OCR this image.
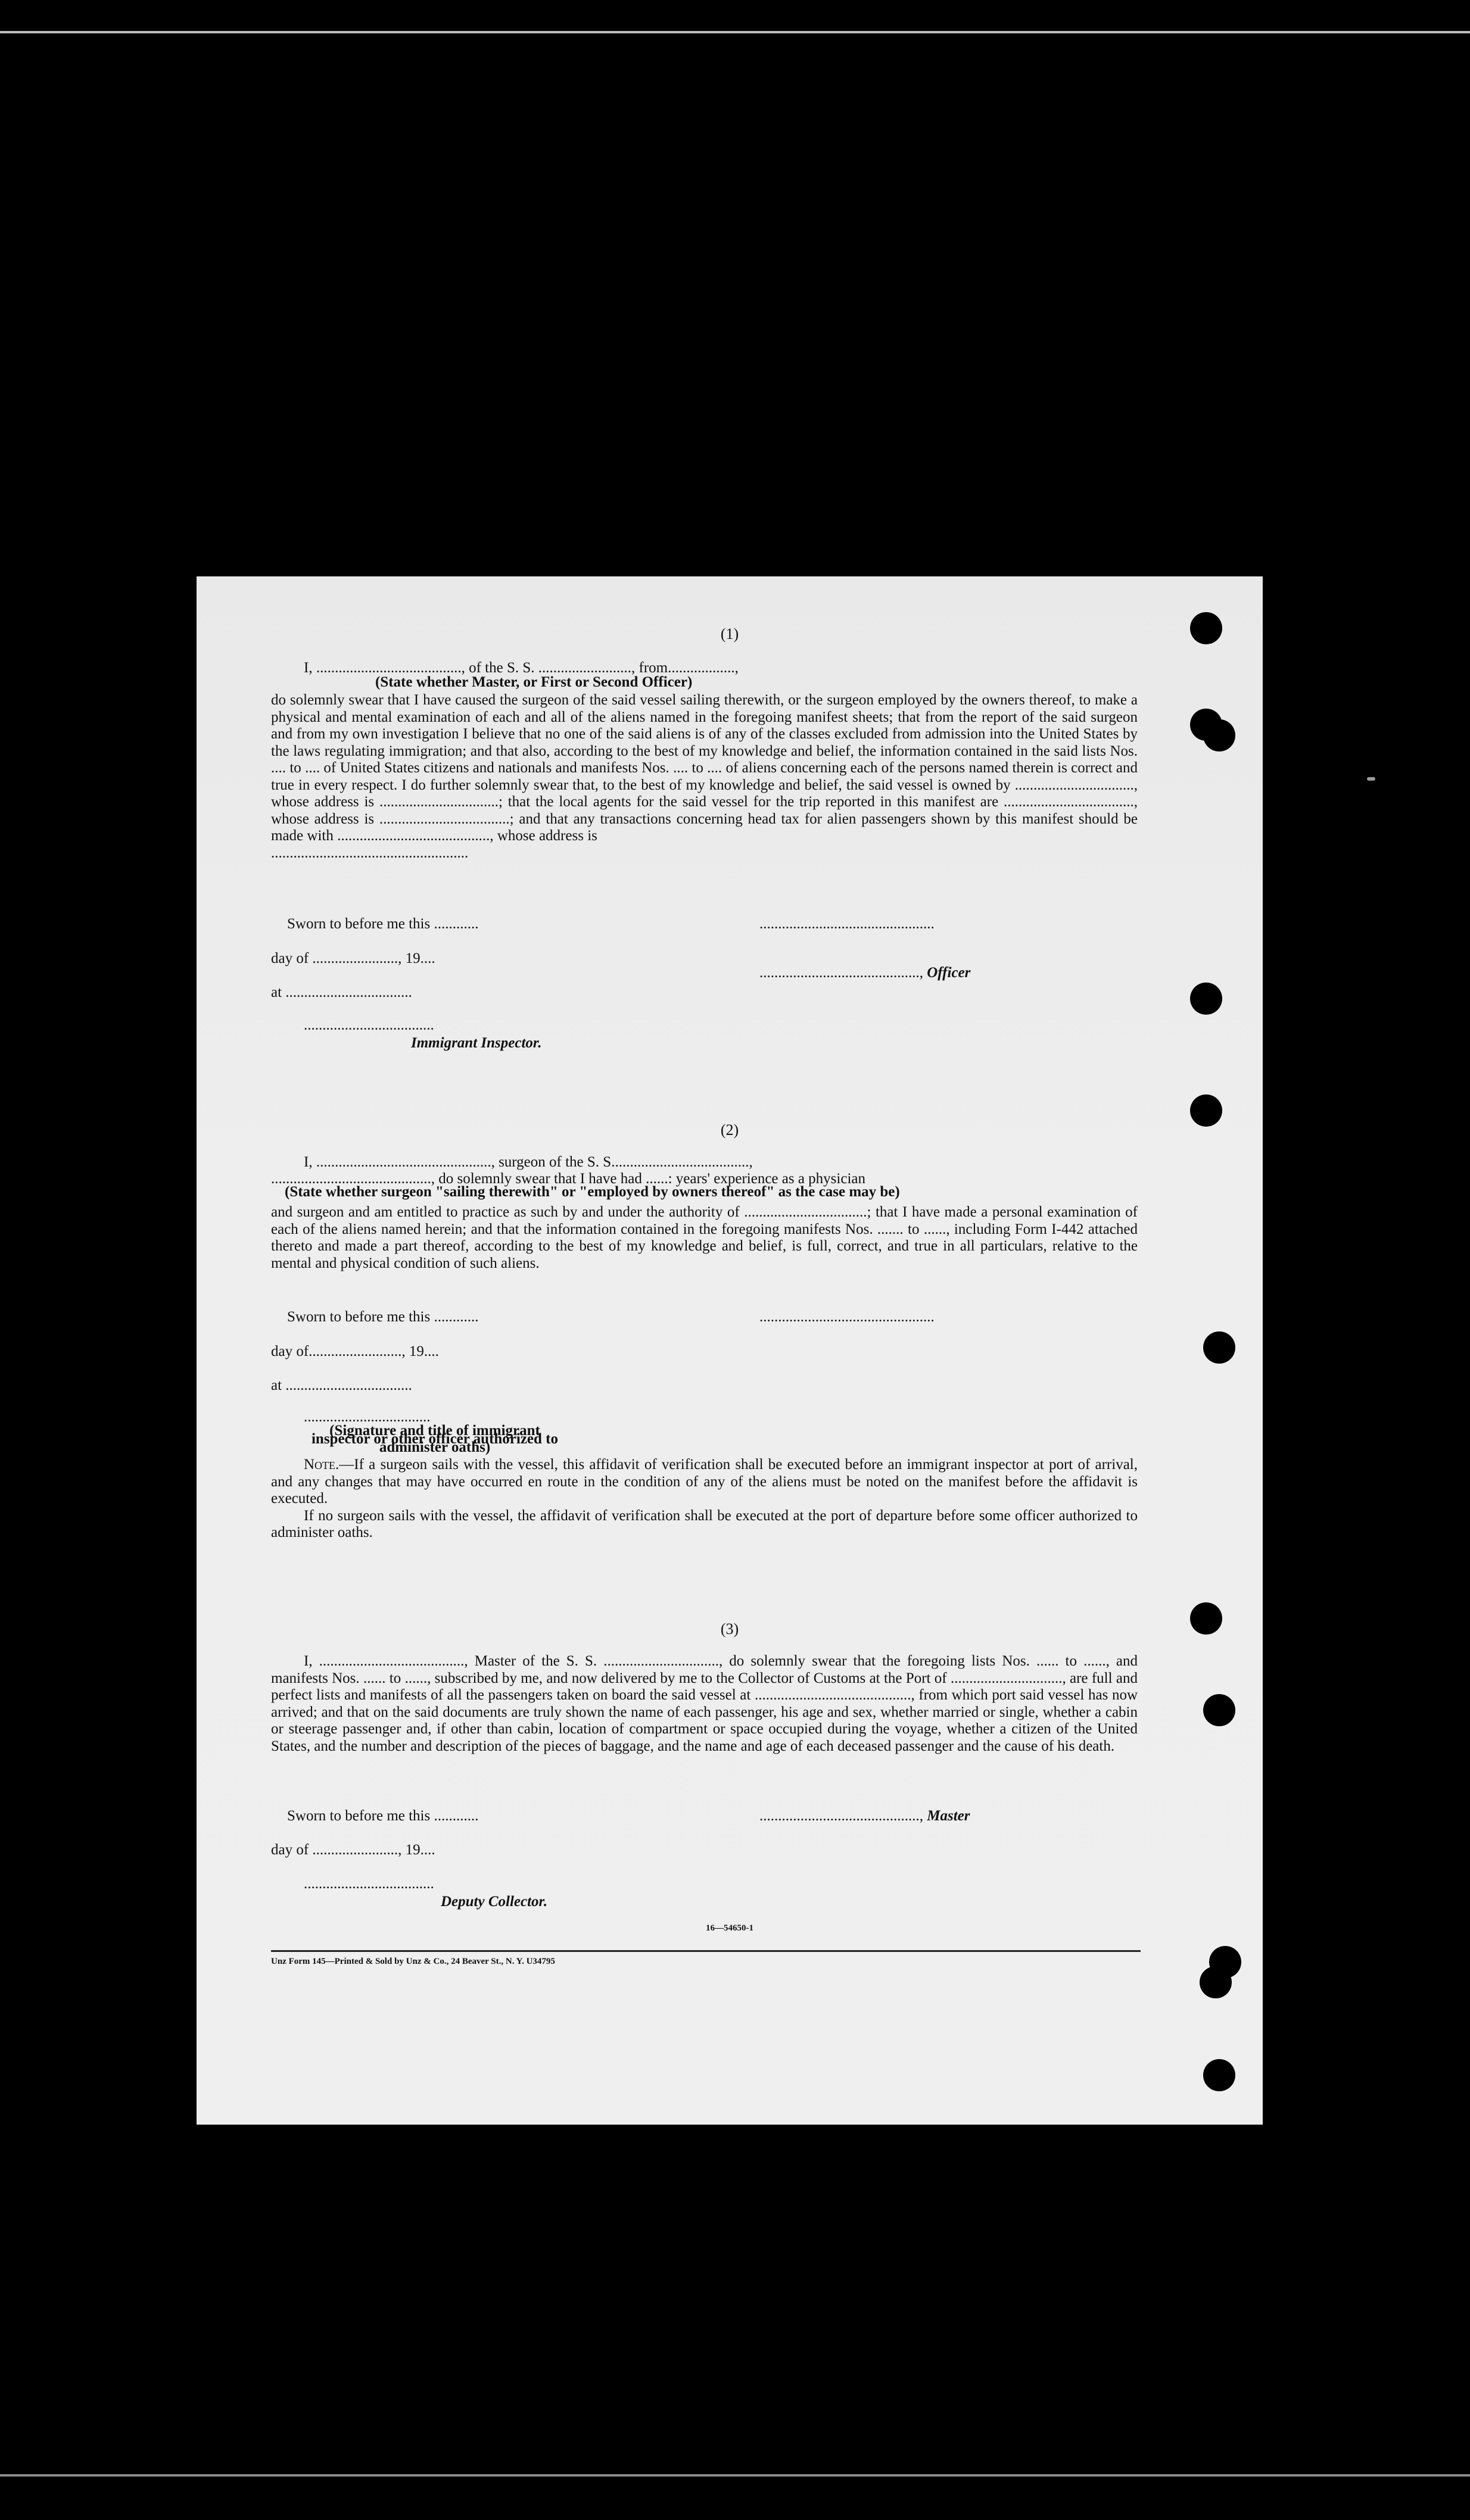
(1)
I, ......................................., of the S. S. ........................., from..................,
(State whether Master, or First or Second Officer)

do solemnly swear that I have caused the surgeon of the said vessel sailing therewith, or the surgeon employed by the owners thereof, to make a physical and mental examination of each and all of the aliens named in the foregoing manifest sheets; that from the report of the said surgeon and from my own investigation I believe that no one of the said aliens is of any of the classes excluded from admission into the United States by the laws regulating immigration; and that also, according to the best of my knowledge and belief, the information contained in the said lists Nos. .... to .... of United States citizens and nationals and manifests Nos. .... to .... of aliens concerning each of the persons named therein is correct and true in every respect. I do further solemnly swear that, to the best of my knowledge and belief, the said vessel is owned by ................................, whose address is ................................; that the local agents for the said vessel for the trip reported in this manifest are ..................................., whose address is ...................................; and that any transactions concerning head tax for alien passengers shown by this manifest should be made with ........................................., whose address is

.....................................................
Sworn to before me this ............	...............................................
day of ......................., 19....
..........................................., Officer
at ..................................
...................................
Immigrant Inspector.
(2)
I, ..............................................., surgeon of the S. S.....................................,
..........................................., do solemnly swear that I have had ......: years' experience as a physician
(State whether surgeon "sailing therewith" or "employed by owners thereof" as the case may be)

and surgeon and am entitled to practice as such by and under the authority of .................................; that I have made a personal examination of each of the aliens named herein; and that the information contained in the foregoing manifests Nos. ....... to ......, including Form I-442 attached thereto and made a part thereof, according to the best of my knowledge and belief, is full, correct, and true in all particulars, relative to the mental and physical condition of such aliens.

Sworn to before me this ............	...............................................
day of........................., 19....
at ..................................
..................................
(Signature and title of immigrant inspector or other officer authorized to administer oaths)

Note.—If a surgeon sails with the vessel, this affidavit of verification shall be executed before an immigrant inspector at port of arrival, and any changes that may have occurred en route in the condition of any of the aliens must be noted on the manifest before the affidavit is executed.

If no surgeon sails with the vessel, the affidavit of verification shall be executed at the port of departure before some officer authorized to administer oaths.

(3)

I, ......................................., Master of the S. S. ..............................., do solemnly swear that the foregoing lists Nos. ...... to ......, and manifests Nos. ...... to ......, subscribed by me, and now delivered by me to the Collector of Customs at the Port of .............................., are full and perfect lists and manifests of all the passengers taken on board the said vessel at .........................................., from which port said vessel has now arrived; and that on the said documents are truly shown the name of each passenger, his age and sex, whether married or single, whether a cabin or steerage passenger and, if other than cabin, location of compartment or space occupied during the voyage, whether a citizen of the United States, and the number and description of the pieces of baggage, and the name and age of each deceased passenger and the cause of his death.

Sworn to before me this ............	..........................................., Master
day of ......................., 19....
...................................
Deputy Collector.
16—54650-1
Unz Form 145—Printed & Sold by Unz & Co., 24 Beaver St., N. Y. U34795
